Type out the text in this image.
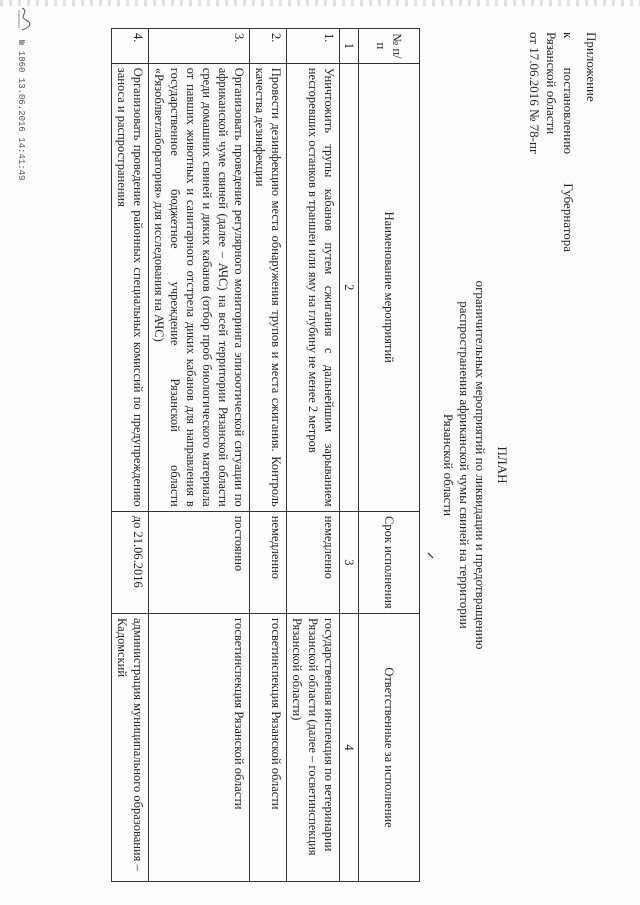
Приложение
к
постановлению
Губернатора
Рязанской области
от 17.06.2016 № 78-пг
ПЛАН
ограничительных мероприятий по ликвидации и предотвращению
распространения африканской чумы свиней на территории
Рязанской области
№ п/п	Наименование мероприятий	Срок исполнения	Ответственные за исполнение
1	2	3	4
1.	Уничтожить трупы кабанов путем сжигания с дальнейшим зарыванием несгоревших останков в траншеи или яму на глубину не менее 2 метров	немедленно	государственная инспекция по ветеринарии Рязанской области (далее – госветинспекция Рязанской области)
2.	Провести дезинфекцию места обнаружения трупов и места сжигания. Контроль качества дезинфекции	немедленно	госветинспекция Рязанской области
3.	Организовать проведение регулярного мониторинга эпизоотической ситуации по африканской чуме свиней (далее – АЧС) на всей территории Рязанской области среди домашних свиней и диких кабанов (отбор проб биологического материала от павших животных и санитарного отстрела диких кабанов для направления в государственное бюджетное учреждение Рязанской области «Рязоблветлаборатория» для исследования на АЧС)	постоянно	госветинспекция Рязанской области
4.	Организовать проведение районных специальных комиссий по предупреждению заноса и распространения	до 21.06.2016	администрация муниципального образования – Кадомский
№ 1860 13.06.2016 14:41:49
